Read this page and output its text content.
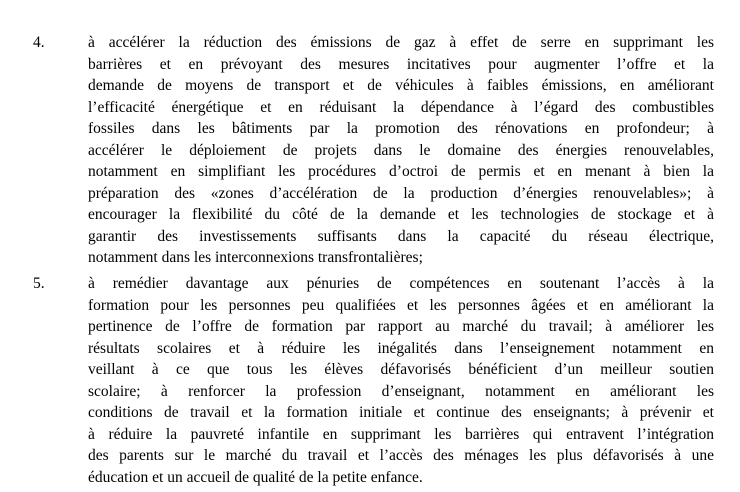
4.	à accélérer la réduction des émissions de gaz à effet de serre en supprimant les
barrières et en prévoyant des mesures incitatives pour augmenter l’offre et la
demande de moyens de transport et de véhicules à faibles émissions, en améliorant
l’efficacité énergétique et en réduisant la dépendance à l’égard des combustibles
fossiles dans les bâtiments par la promotion des rénovations en profondeur; à
accélérer le déploiement de projets dans le domaine des énergies renouvelables,
notamment en simplifiant les procédures d’octroi de permis et en menant à bien la
préparation des «zones d’accélération de la production d’énergies renouvelables»; à
encourager la flexibilité du côté de la demande et les technologies de stockage et à
garantir des investissements suffisants dans la capacité du réseau électrique,
notamment dans les interconnexions transfrontalières;
5.	à remédier davantage aux pénuries de compétences en soutenant l’accès à la
formation pour les personnes peu qualifiées et les personnes âgées et en améliorant la
pertinence de l’offre de formation par rapport au marché du travail; à améliorer les
résultats scolaires et à réduire les inégalités dans l’enseignement notamment en
veillant à ce que tous les élèves défavorisés bénéficient d’un meilleur soutien
scolaire; à renforcer la profession d’enseignant, notamment en améliorant les
conditions de travail et la formation initiale et continue des enseignants; à prévenir et
à réduire la pauvreté infantile en supprimant les barrières qui entravent l’intégration
des parents sur le marché du travail et l’accès des ménages les plus défavorisés à une
éducation et un accueil de qualité de la petite enfance.
